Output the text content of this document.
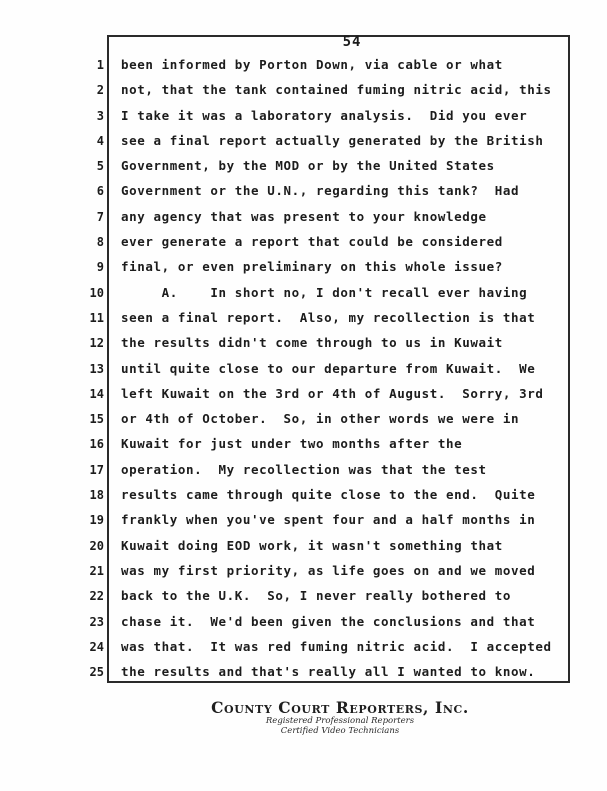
54
1	been informed by Porton Down, via cable or what
2	not, that the tank contained fuming nitric acid, this
3	I take it was a laboratory analysis.  Did you ever
4	see a final report actually generated by the British
5	Government, by the MOD or by the United States
6	Government or the U.N., regarding this tank?  Had
7	any agency that was present to your knowledge
8	ever generate a report that could be considered
9	final, or even preliminary on this whole issue?
10	A.    In short no, I don't recall ever having
11	seen a final report.  Also, my recollection is that
12	the results didn't come through to us in Kuwait
13	until quite close to our departure from Kuwait.  We
14	left Kuwait on the 3rd or 4th of August.  Sorry, 3rd
15	or 4th of October.  So, in other words we were in
16	Kuwait for just under two months after the
17	operation.  My recollection was that the test
18	results came through quite close to the end.  Quite
19	frankly when you've spent four and a half months in
20	Kuwait doing EOD work, it wasn't something that
21	was my first priority, as life goes on and we moved
22	back to the U.K.  So, I never really bothered to
23	chase it.  We'd been given the conclusions and that
24	was that.  It was red fuming nitric acid.  I accepted
25	the results and that's really all I wanted to know.
County Court Reporters, Inc.
Registered Professional Reporters
Certified Video Technicians
